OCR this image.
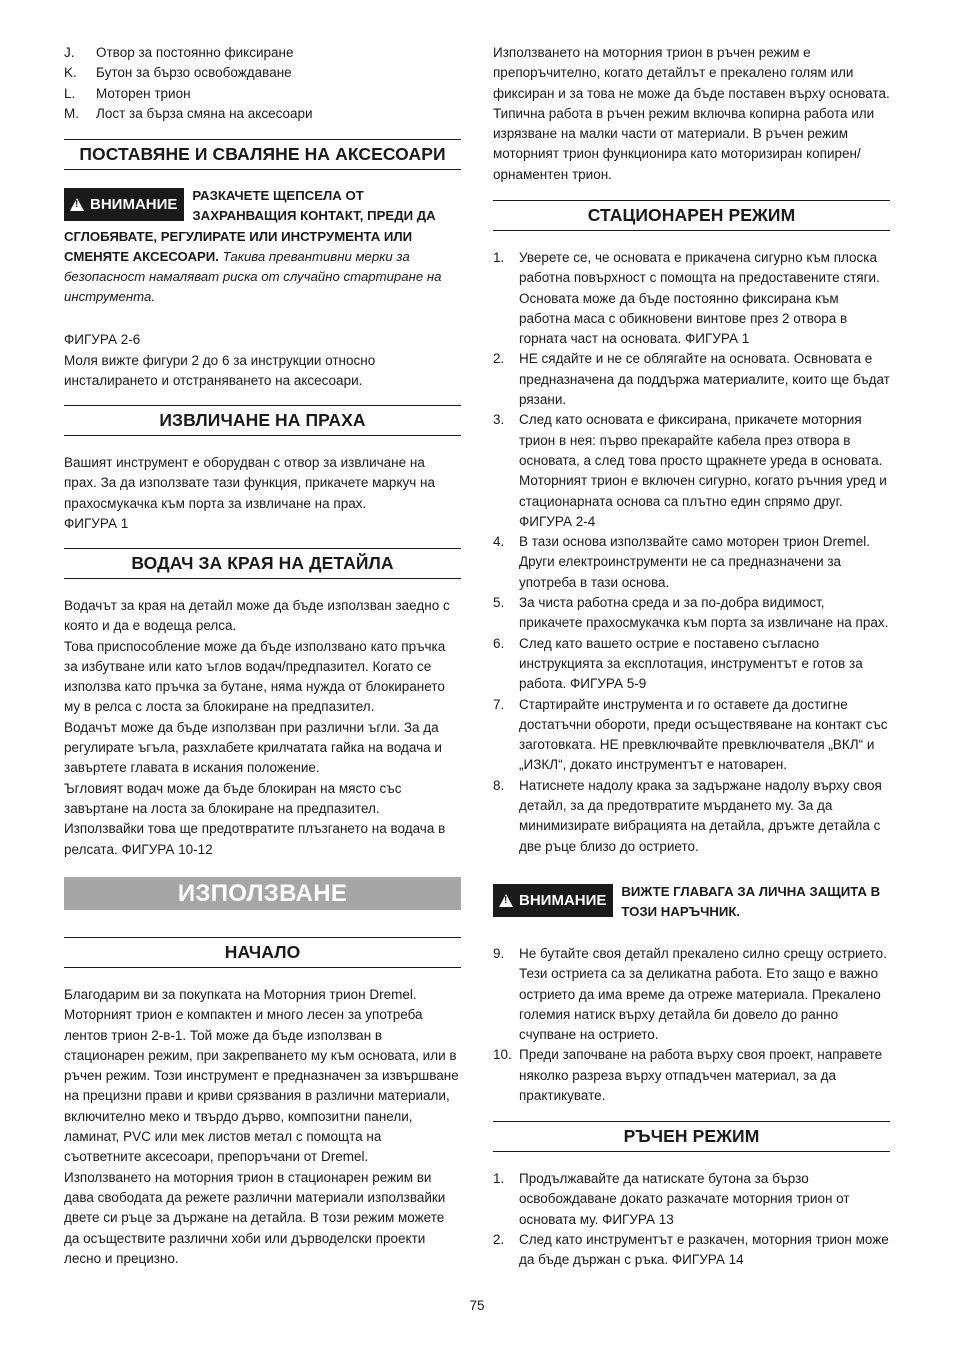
J.	Отвор за постоянно фиксиране
K.	Бутон за бързо освобождаване
L.	Моторен трион
M.	Лост за бърза смяна на аксесоари
ПОСТАВЯНЕ И СВАЛЯНЕ НА АКСЕСОАРИ
!
ВНИМАНИЕ
РАЗКАЧЕТЕ ЩЕПСЕЛА ОТ
ЗАХРАНВАЩИЯ КОНТАКТ, ПРЕДИ ДА
СГЛОБЯВАТЕ, РЕГУЛИРАТЕ ИЛИ ИНСТРУМЕНТА ИЛИ
СМЕНЯТЕ АКСЕСОАРИ. Такива превантивни мерки за безопасност намаляват риска от случайно стартиране на инструмента.

ФИГУРА 2-6

Моля вижте фигури 2 до 6 за инструкции относно инсталирането и отстраняването на аксесоари.

ИЗВЛИЧАНЕ НА ПРАХА

Вашият инструмент е оборудван с отвор за извличане на прах. За да използвате тази функция, прикачете маркуч на прахосмукачка към порта за извличане на прах.

ФИГУРА 1

ВОДАЧ ЗА КРАЯ НА ДЕТАЙЛА

Водачът за края на детайл може да бъде използван заедно с която и да е водеща релса.

Това приспособление може да бъде използвано като пръчка за избутване или като ъглов водач/предпазител. Когато се използва като пръчка за бутане, няма нужда от блокирането му в релса с лоста за блокиране на предпазител.

Водачът може да бъде използван при различни ъгли. За да регулирате ъгъла, разхлабете крилчатата гайка на водача и завъртете главата в искания положение.

Ъгловият водач може да бъде блокиран на място със завъртане на лоста за блокиране на предпазител.

Използвайки това ще предотвратите плъзгането на водача в релсата. ФИГУРА 10-12

ИЗПОЛЗВАНЕ
НАЧАЛО

Благодарим ви за покупката на Моторния трион Dremel. Моторният трион е компактен и много лесен за употреба лентов трион 2-в-1. Той може да бъде използван в стационарен режим, при закрепването му към основата, или в ръчен режим. Този инструмент е предназначен за извършване на прецизни прави и криви срязвания в различни материали, включително меко и твърдо дърво, композитни панели, ламинат, PVC или мек листов метал с помощта на съответните аксесоари, препоръчани от Dremel.

Използването на моторния трион в стационарен режим ви дава свободата да режете различни материали използвайки двете си ръце за държане на детайла. В този режим можете да осъществите различни хоби или дърводелски проекти лесно и прецизно.

Използването на моторния трион в ръчен режим е препоръчително, когато детайлът е прекалено голям или фиксиран и за това не може да бъде поставен върху основата. Типична работа в ръчен режим включва копирна работа или изрязване на малки части от материали. В ръчен режим моторният трион функционира като моторизиран копирен/орнаментен трион.

СТАЦИОНАРЕН РЕЖИМ
1.	Уверете се, че основата е прикачена сигурно към плоска работна повърхност с помощта на предоставените стяги. Основата може да бъде постоянно фиксирана към работна маса с обикновени винтове през 2 отвора в горната част на основата. ФИГУРА 1
2.	НЕ сядайте и не се облягайте на основата. Освновата е предназначена да поддържа материалите, които ще бъдат рязани.
3.	След като основата е фиксирана, прикачете моторния трион в нея: първо прекарайте кабела през отвора в основата, а след това просто щракнете уреда в основата. Моторният трион е включен сигурно, когато ръчния уред и стационарната основа са плътно един спрямо друг. ФИГУРА 2-4
4.	В тази основа използвайте само моторен трион Dremel. Други електроинструменти не са предназначени за употреба в тази основа.
5.	За чиста работна среда и за по-добра видимост, прикачете прахосмукачка към порта за извличане на прах.
6.	След като вашето острие е поставено съгласно инструкцията за експлотация, инструментът е готов за работа. ФИГУРА 5-9
7.	Стартирайте инструмента и го оставете да достигне достатъчни обороти, преди осъществяване на контакт със заготовката. НЕ превключвайте превключвателя „ВКЛ“ и „ИЗКЛ“, докато инструментът е натоварен.
8.	Натиснете надолу крака за задържане надолу върху своя детайл, за да предотвратите мърдането му. За да минимизирате вибрацията на детайла, дръжте детайла с две ръце близо до острието.
!
ВНИМАНИЕ
ВИЖТЕ ГЛАВАГА ЗА ЛИЧНА ЗАЩИТА В
ТОЗИ НАРЪЧНИК.
9.	Не бутайте своя детайл прекалено силно срещу острието. Тези остриета са за деликатна работа. Ето защо е важно острието да има време да отреже материала. Прекалено големия натиск върху детайла би довело до ранно счупване на острието.
10. Преди започване на работа върху своя проект, направете няколко разреза върху отпадъчен материал, за да практикувате.
РЪЧЕН РЕЖИМ
1.	Продължавайте да натискате бутона за бързо освобождаване докато разкачате моторния трион от основата му. ФИГУРА 13
2.	След като инструментът е разкачен, моторния трион може да бъде държан с ръка. ФИГУРА 14
75
